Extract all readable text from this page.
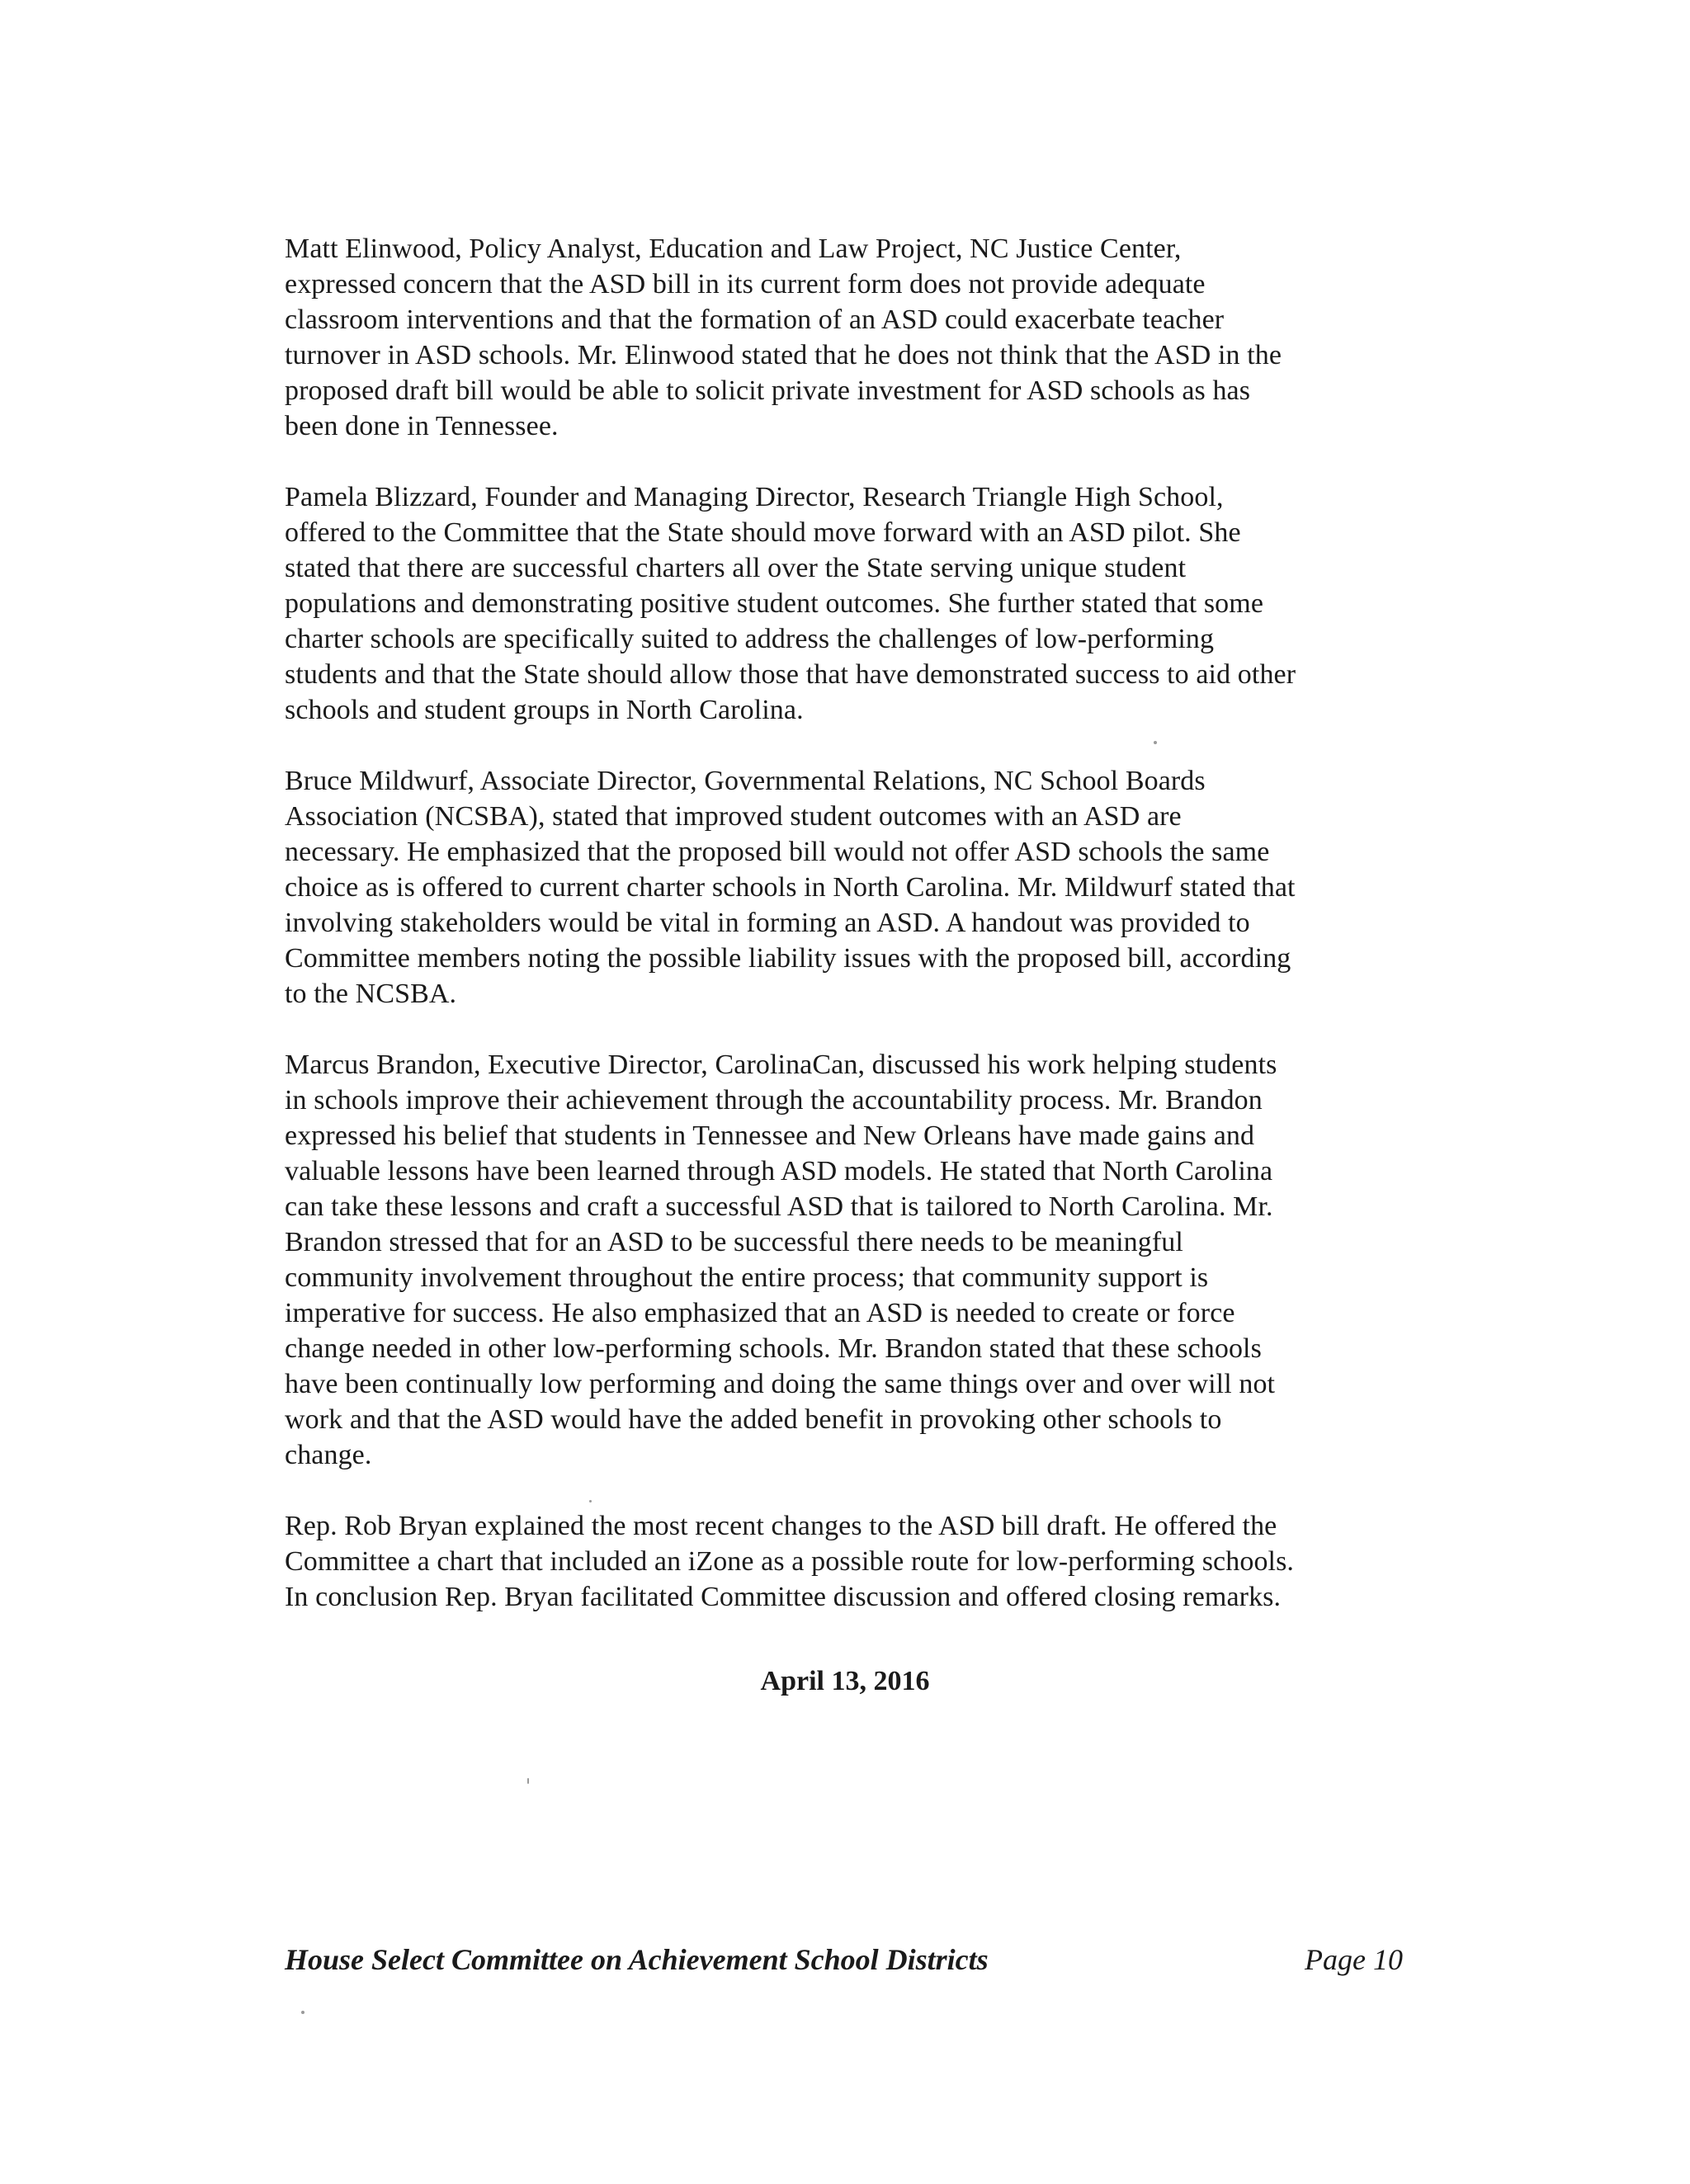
Matt Elinwood, Policy Analyst, Education and Law Project, NC Justice Center,
expressed concern that the ASD bill in its current form does not provide adequate
classroom interventions and that the formation of an ASD could exacerbate teacher
turnover in ASD schools. Mr. Elinwood stated that he does not think that the ASD in the
proposed draft bill would be able to solicit private investment for ASD schools as has
been done in Tennessee.

Pamela Blizzard, Founder and Managing Director, Research Triangle High School,
offered to the Committee that the State should move forward with an ASD pilot. She
stated that there are successful charters all over the State serving unique student
populations and demonstrating positive student outcomes. She further stated that some
charter schools are specifically suited to address the challenges of low-performing
students and that the State should allow those that have demonstrated success to aid other
schools and student groups in North Carolina.

Bruce Mildwurf, Associate Director, Governmental Relations, NC School Boards
Association (NCSBA), stated that improved student outcomes with an ASD are
necessary. He emphasized that the proposed bill would not offer ASD schools the same
choice as is offered to current charter schools in North Carolina. Mr. Mildwurf stated that
involving stakeholders would be vital in forming an ASD. A handout was provided to
Committee members noting the possible liability issues with the proposed bill, according
to the NCSBA.

Marcus Brandon, Executive Director, CarolinaCan, discussed his work helping students
in schools improve their achievement through the accountability process. Mr. Brandon
expressed his belief that students in Tennessee and New Orleans have made gains and
valuable lessons have been learned through ASD models. He stated that North Carolina
can take these lessons and craft a successful ASD that is tailored to North Carolina. Mr.
Brandon stressed that for an ASD to be successful there needs to be meaningful
community involvement throughout the entire process; that community support is
imperative for success. He also emphasized that an ASD is needed to create or force
change needed in other low-performing schools. Mr. Brandon stated that these schools
have been continually low performing and doing the same things over and over will not
work and that the ASD would have the added benefit in provoking other schools to
change.

Rep. Rob Bryan explained the most recent changes to the ASD bill draft. He offered the
Committee a chart that included an iZone as a possible route for low-performing schools.
In conclusion Rep. Bryan facilitated Committee discussion and offered closing remarks.

April 13, 2016

House Select Committee on Achievement School Districts	Page 10
